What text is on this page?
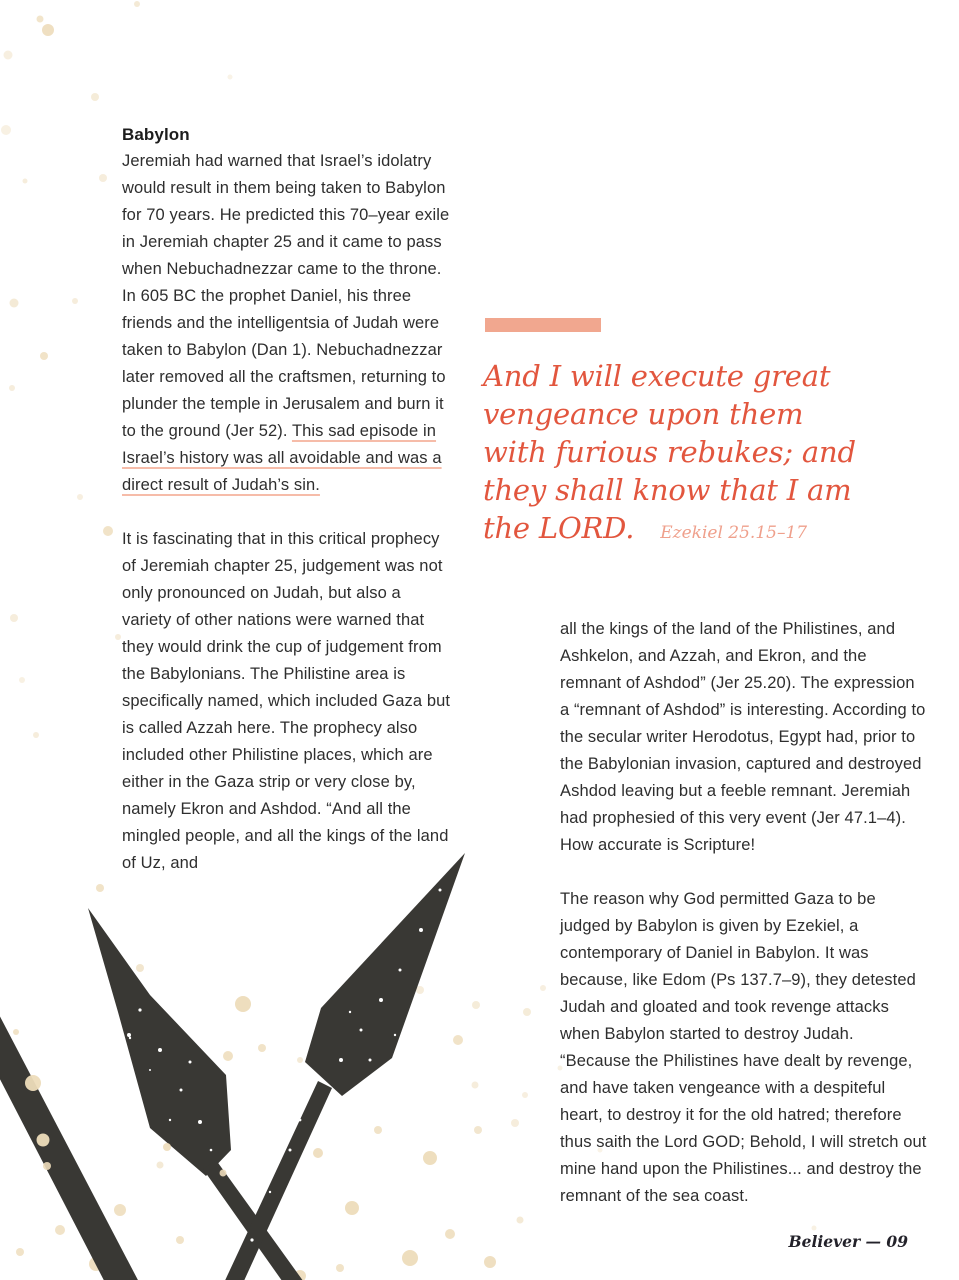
Babylon

Jeremiah had warned that Israel’s idolatry would result in them being taken to Babylon for 70 years. He predicted this 70–year exile in Jeremiah chapter 25 and it came to pass when Nebuchadnezzar came to the throne. In 605 BC the prophet Daniel, his three friends and the intelligentsia of Judah were taken to Babylon (Dan 1). Nebuchadnezzar later removed all the craftsmen, returning to plunder the temple in Jerusalem and burn it to the ground (Jer 52). This sad episode in Israel’s history was all avoidable and was a direct result of Judah’s sin.

It is fascinating that in this critical prophecy of Jeremiah chapter 25, judgement was not only pronounced on Judah, but also a variety of other nations were warned that they would drink the cup of judgement from the Babylonians. The Philistine area is specifically named, which included Gaza but is called Azzah here. The prophecy also included other Philistine places, which are either in the Gaza strip or very close by, namely Ekron and Ashdod. “And all the mingled people, and all the kings of the land of Uz, and

And I will execute great vengeance upon them with furious rebukes; and they shall know that I am the LORD. Ezekiel 25.15–17

all the kings of the land of the Philistines, and Ashkelon, and Azzah, and Ekron, and the remnant of Ashdod” (Jer 25.20). The expression a “remnant of Ashdod” is interesting. According to the secular writer Herodotus, Egypt had, prior to the Babylonian invasion, captured and destroyed Ashdod leaving but a feeble remnant. Jeremiah had prophesied of this very event (Jer 47.1–4). How accurate is Scripture!

The reason why God permitted Gaza to be judged by Babylon is given by Ezekiel, a contemporary of Daniel in Babylon. It was because, like Edom (Ps 137.7–9), they detested Judah and gloated and took revenge attacks when Babylon started to destroy Judah. “Because the Philistines have dealt by revenge, and have taken vengeance with a despiteful heart, to destroy it for the old hatred; therefore thus saith the Lord GOD; Behold, I will stretch out mine hand upon the Philistines... and destroy the remnant of the sea coast.

Believer — 09
